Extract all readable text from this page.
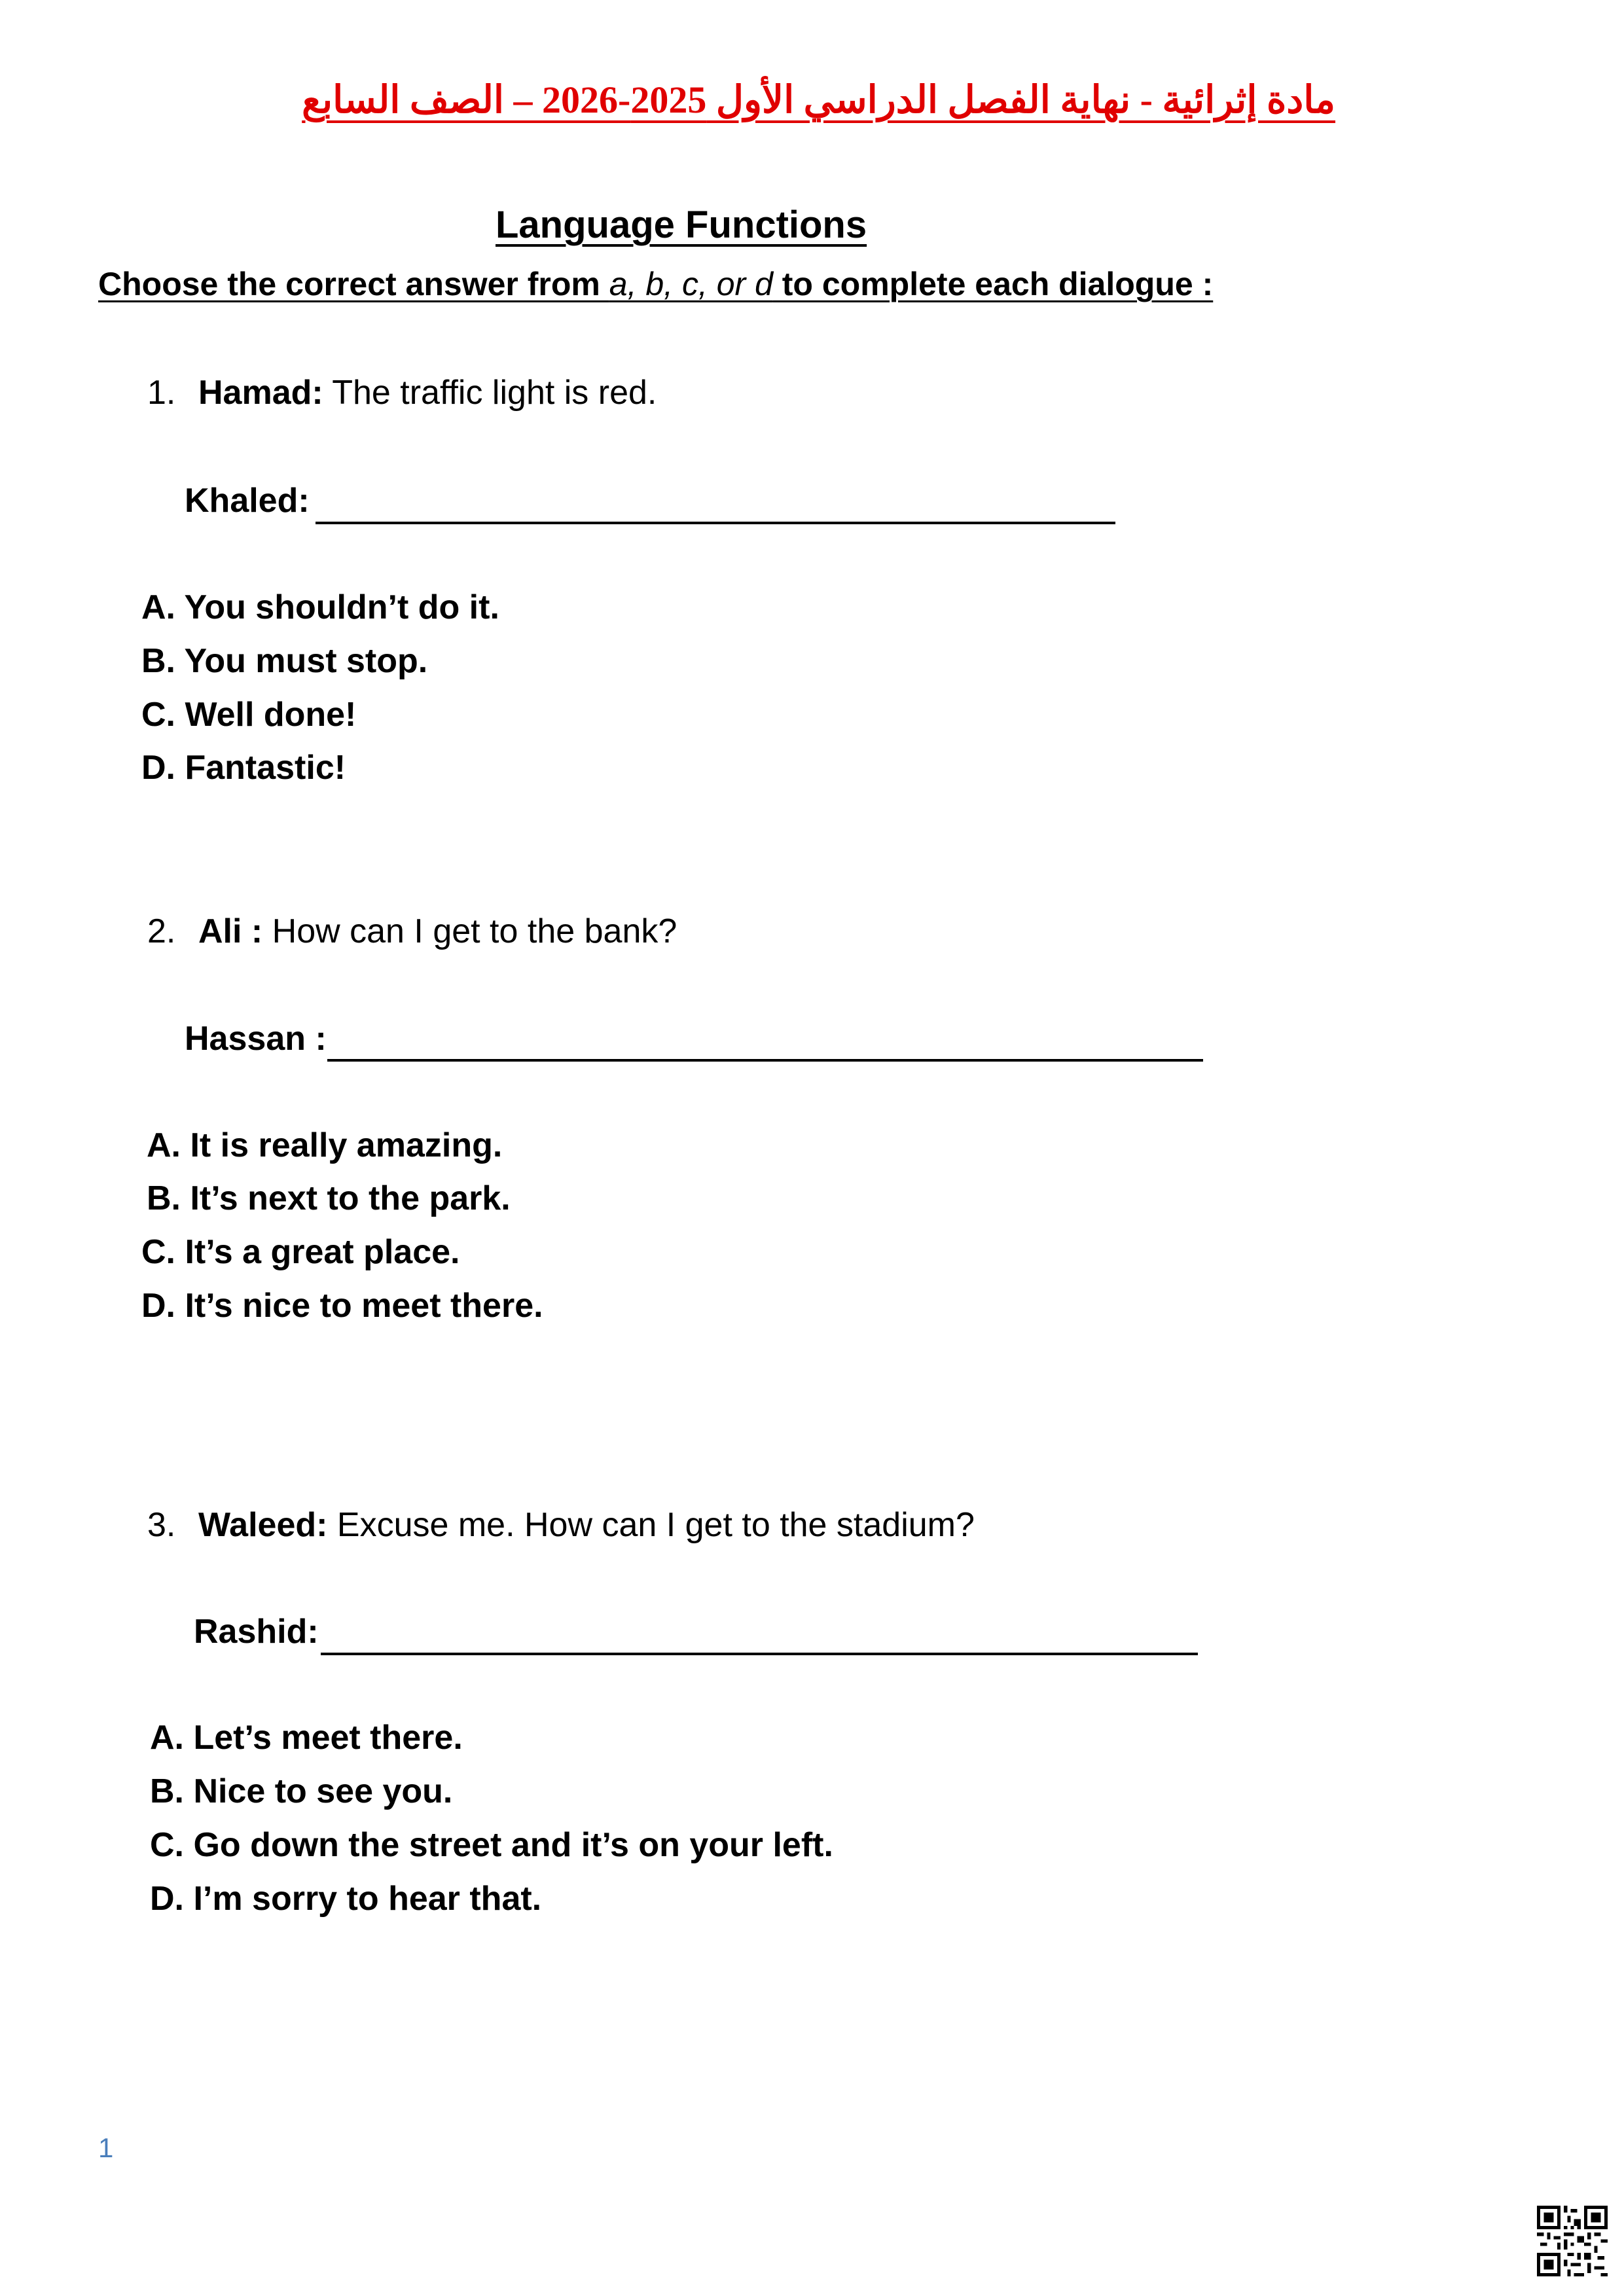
مادة إثرائية - نهاية الفصل الدراسي الأول 2025-2026 – الصف السابع
Language Functions
Choose the correct answer from a, b, c, or d to complete each dialogue :
1. Hamad: The traffic light is red.
Khaled:
A. You shouldn’t do it.
B. You must stop.
C. Well done!
D. Fantastic!
2. Ali : How can I get to the bank?
Hassan :
A. It is really amazing.
B. It’s next to the park.
C. It’s a great place.
D. It’s nice to meet there.
3. Waleed: Excuse me. How can I get to the stadium?
Rashid:
A. Let’s meet there.
B. Nice to see you.
C. Go down the street and it’s on your left.
D. I’m sorry to hear that.
1
